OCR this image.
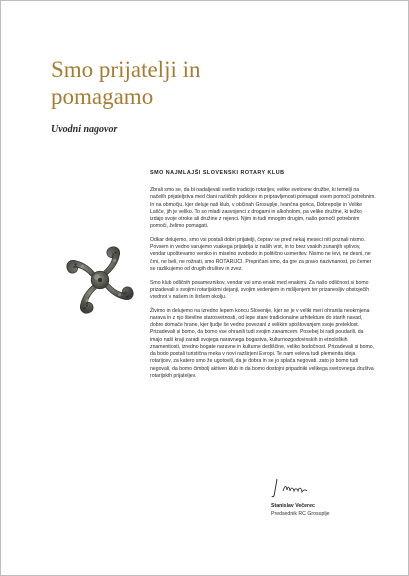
Smo prijatelji in pomagamo
Uvodni nagovor
SMO NAJMLAJŠI SLOVENSKI ROTARY KLUB

Zbrali smo se, da bi nadaljevali svetlo tradicijo rotarijev, velike svetovne družbe, ki temelji na načelih prijateljstva med člani različnih poklicev in pripravljenosti pomagati vsem pomoči potrebnim. In na območju, kjer deluje naš klub, v občinah Grosuplje, Ivančna gorica, Dobrepolje in Velike Lašče, jih je veliko. To so mladi zasvojenci z drogami in alkoholom, pa velike družine, ki težko izdajo svoje otroke ali družine z rejenci. Njim in tudi mnogim drugim, našo pomoči potrebnim pomoči, želimo pomagati.

Odkar delujemo, smo vsi postali dobri prijatelji, čeprav se pred nekaj meseci niti poznali nismo. Povsem in vedno varujemo vsakega prijatelja iz naših vrst, in to brez vsakih zunanjih vplivov, vendar upoštevamo versko in miselno svobodo in politično usmeritev. Nismo ne levi, ne desni, ne črni, ne beli, ne rožnati, smo ROTARIJCI. Prepričani smo, da gre za pravo nazivnanost, po čemer se razlikujemo od drugih društev in zvez.

Smo klub odličnih posameznikov, vendar vsi smo enaki med enakimi. Za našo odličnost si bomo prizadevali s svojimi rotarijskimi dejanji, svojim vedenjem in mišljenjem ter prizanesljiv obstoječih vrednot v našem in širšem okolju.

Živimo in delujemo na izredno lepem koncu Slovenije, kjer se je v veliki meri ohranila neokrnjena narava in z njo številne starosvetnosti, od lepe stare tradicionalne arhitekture do starih navad, dobre domače hrane, kjer ljudje še vedno povezani z velikim spoštovanjem svoje preteklost. Prizadevali si bomo, da bomo vse ohranili tudi svojim zanamcem. Posebej bi radi poudarili, da imajo naši kraji zaradi svojega naravnega bogastva, kulturnozgodovinskih in etnoloških znamenitosti, izredno bogate naravne in kulturne dediščine, veliko bodočnost. Prizadevali si bomo, da bodo postali turistična meka v novi razširjeni Evropi. Te nam veleva tudi plemenita ideja rotarijcev, za katero smo že ugotovili, da je dobra in se jo splača negovati. zato jo bomo tudi negovali, da bomo čimbolj aktiven klub in da bomo dostojni pripadniki velikega svetovnega društva rotarijskih prijateljev.

Stanislav Večerec
Predsednik RC Grosuplje
